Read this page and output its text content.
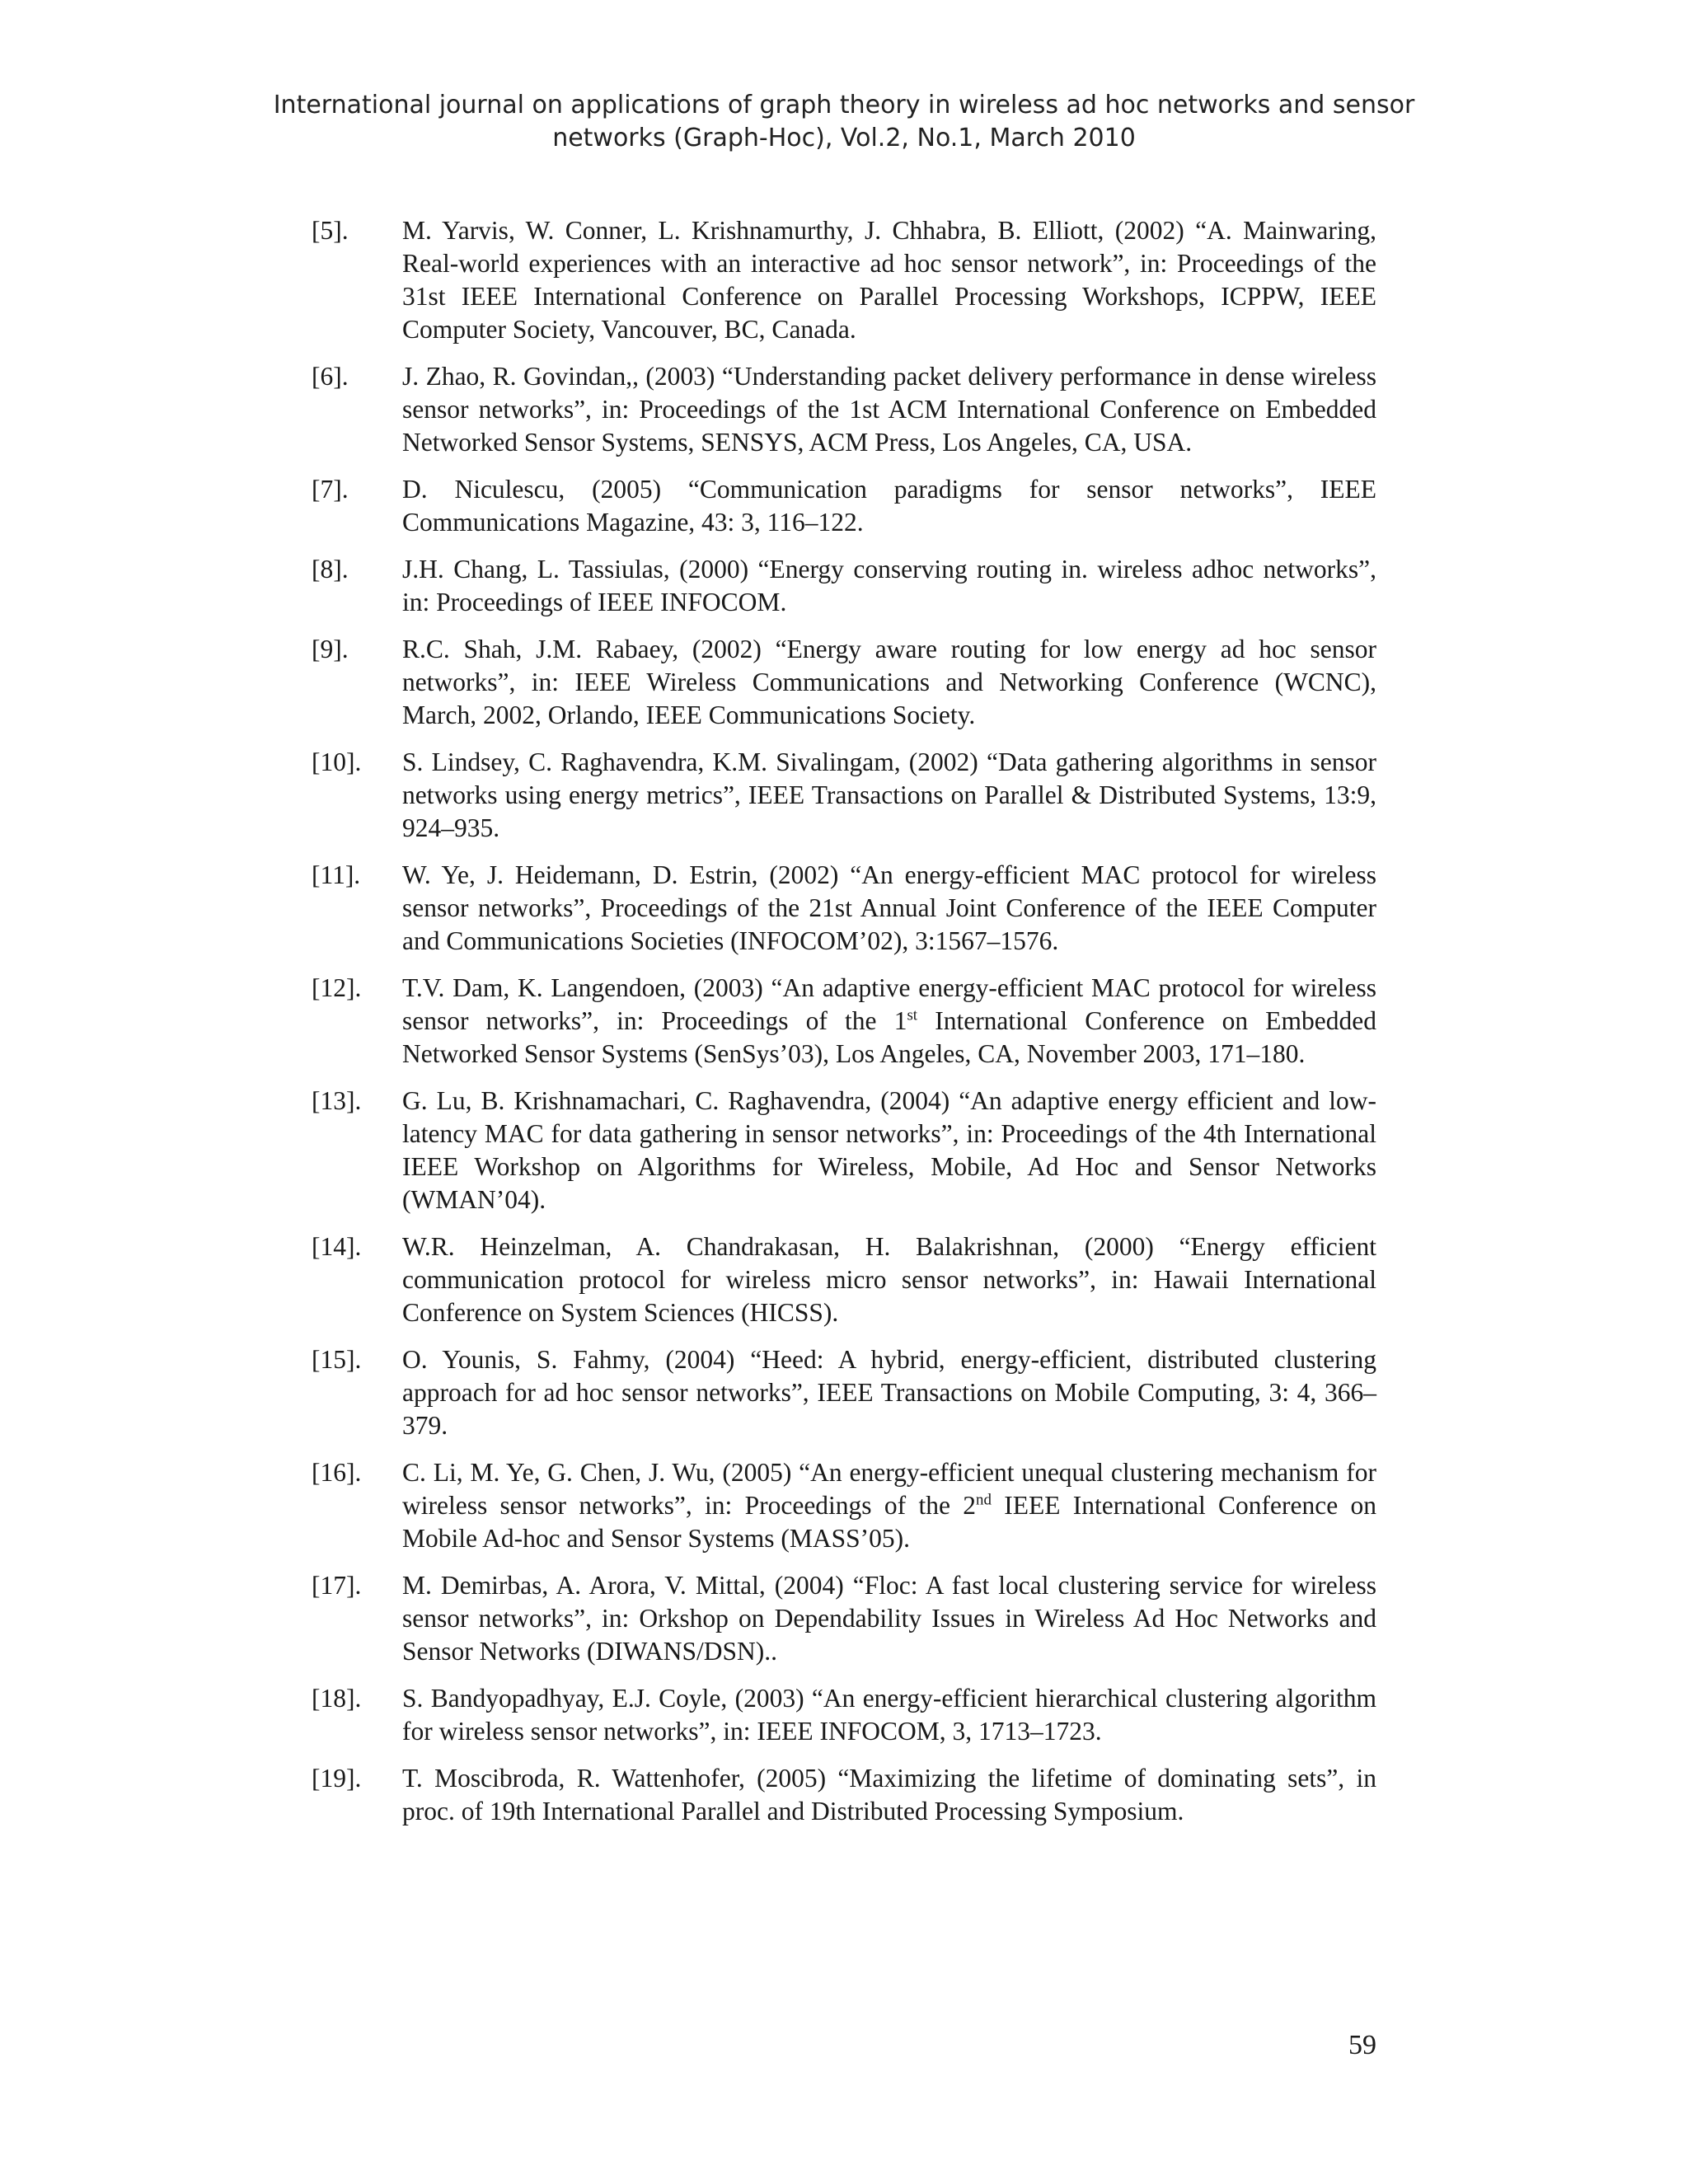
International journal on applications of graph theory in wireless ad hoc networks and sensor
networks (Graph-Hoc), Vol.2, No.1, March 2010
[5].	M. Yarvis, W. Conner, L. Krishnamurthy, J. Chhabra, B. Elliott, (2002) “A. Mainwaring, Real-world experiences with an interactive ad hoc sensor network”, in: Proceedings of the 31st IEEE International Conference on Parallel Processing Workshops, ICPPW, IEEE Computer Society, Vancouver, BC, Canada.
[6].	J. Zhao, R. Govindan,, (2003) “Understanding packet delivery performance in dense wireless sensor networks”, in: Proceedings of the 1st ACM International Conference on Embedded Networked Sensor Systems, SENSYS, ACM Press, Los Angeles, CA, USA.
[7].	D. Niculescu, (2005) “Communication paradigms for sensor networks”, IEEE Communications Magazine, 43: 3, 116–122.
[8].	J.H. Chang, L. Tassiulas, (2000) “Energy conserving routing in. wireless adhoc networks”, in: Proceedings of IEEE INFOCOM.
[9].	R.C. Shah, J.M. Rabaey, (2002) “Energy aware routing for low energy ad hoc sensor networks”, in: IEEE Wireless Communications and Networking Conference (WCNC), March, 2002, Orlando, IEEE Communications Society.
[10].	S. Lindsey, C. Raghavendra, K.M. Sivalingam, (2002) “Data gathering algorithms in sensor networks using energy metrics”, IEEE Transactions on Parallel & Distributed Systems, 13:9, 924–935.
[11].	W. Ye, J. Heidemann, D. Estrin, (2002) “An energy-efficient MAC protocol for wireless sensor networks”, Proceedings of the 21st Annual Joint Conference of the IEEE Computer and Communications Societies (INFOCOM’02), 3:1567–1576.
[12].	T.V. Dam, K. Langendoen, (2003) “An adaptive energy-efficient MAC protocol for wireless sensor networks”, in: Proceedings of the 1st International Conference on Embedded Networked Sensor Systems (SenSys’03), Los Angeles, CA, November 2003, 171–180.
[13].	G. Lu, B. Krishnamachari, C. Raghavendra, (2004) “An adaptive energy efficient and low-latency MAC for data gathering in sensor networks”, in: Proceedings of the 4th International IEEE Workshop on Algorithms for Wireless, Mobile, Ad Hoc and Sensor Networks (WMAN’04).
[14].	W.R. Heinzelman, A. Chandrakasan, H. Balakrishnan, (2000) “Energy efficient communication protocol for wireless micro sensor networks”, in: Hawaii International Conference on System Sciences (HICSS).
[15].	O. Younis, S. Fahmy, (2004) “Heed: A hybrid, energy-efficient, distributed clustering approach for ad hoc sensor networks”, IEEE Transactions on Mobile Computing, 3: 4, 366–379.
[16].	C. Li, M. Ye, G. Chen, J. Wu, (2005) “An energy-efficient unequal clustering mechanism for wireless sensor networks”, in: Proceedings of the 2nd IEEE International Conference on Mobile Ad-hoc and Sensor Systems (MASS’05).
[17].	M. Demirbas, A. Arora, V. Mittal, (2004) “Floc: A fast local clustering service for wireless sensor networks”, in: Orkshop on Dependability Issues in Wireless Ad Hoc Networks and Sensor Networks (DIWANS/DSN)..
[18].	S. Bandyopadhyay, E.J. Coyle, (2003) “An energy-efficient hierarchical clustering algorithm for wireless sensor networks”, in: IEEE INFOCOM, 3, 1713–1723.
[19].	T. Moscibroda, R. Wattenhofer, (2005) “Maximizing the lifetime of dominating sets”, in proc. of 19th International Parallel and Distributed Processing Symposium.
59
